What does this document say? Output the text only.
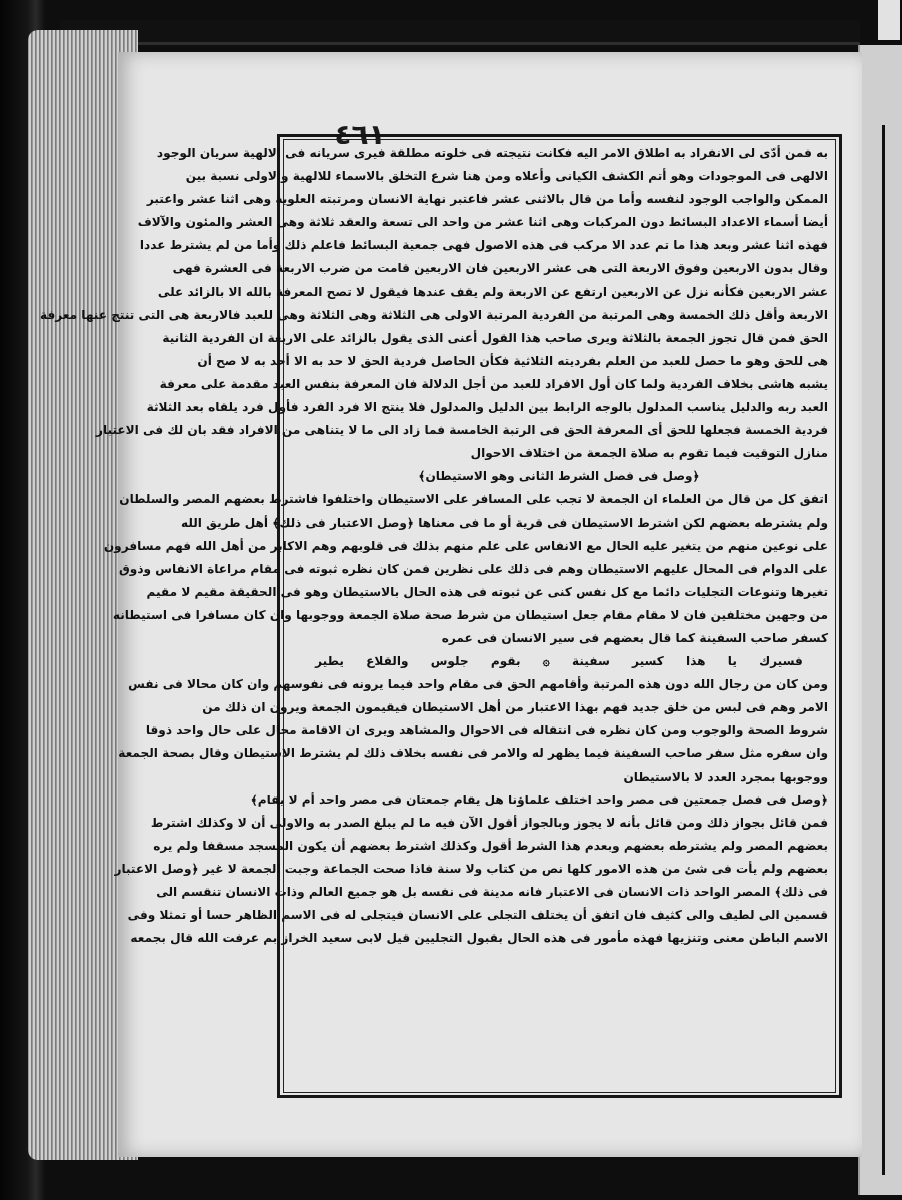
٤٦١
به فمن أدّى لى الانفراد به اطلاق الامر اليه فكانت نتيجته فى خلوته مطلقة فيرى سريانه فى الالهية سريان الوجود
الالهى فى الموجودات وهو أتم الكشف الكيانى وأعلاه ومن هنا شرع التخلق بالاسماء للالهية والاولى نسبة بين
الممكن والواجب الوجود لنفسه وأما من قال بالاثنى عشر فاعتبر نهاية الانسان ومرتبته العلوية وهى اثنا عشر واعتبر
أيضا أسماء الاعداد البسائط دون المركبات وهى اثنا عشر من واحد الى تسعة والعقد ثلاثة وهى العشر والمئون والآلاف
فهذه اثنا عشر وبعد هذا ما تم عدد الا مركب فى هذه الاصول فهى جمعية البسائط فاعلم ذلك وأما من لم يشترط عددا
وقال بدون الاربعين وفوق الاربعة التى هى عشر الاربعين فان الاربعين قامت من ضرب الاربعة فى العشرة فهى
عشر الاربعين فكأنه نزل عن الاربعين ارتفع عن الاربعة ولم يقف عندها فيقول لا تصح المعرفة بالله الا بالزائد على
الاربعة وأقل ذلك الخمسة وهى المرتبة من الفردية المرتبة الاولى هى الثلاثة وهى الثلاثة وهى للعبد فالاربعة هى التى تنتج عنها معرفة
الحق فمن قال تجوز الجمعة بالثلاثة ويرى صاحب هذا القول أعنى الذى يقول بالزائد على الاربعة ان الفردية الثانية
هى للحق وهو ما حصل للعبد من العلم بفرديته الثلاثية فكأن الحاصل فردية الحق لا حد به الا أحد به لا صح أن
يشبه هاشى بخلاف الفردية ولما كان أول الافراد للعبد من أجل الدلالة فان المعرفة بنفس العبد مقدمة على معرفة
العبد ربه والدليل يناسب المدلول بالوجه الرابط بين الدليل والمدلول فلا ينتج الا فرد الفرد فأول فرد يلقاه بعد الثلاثة
فردية الخمسة فجعلها للحق أى المعرفة الحق فى الرتبة الخامسة فما زاد الى ما لا يتناهى من الافراد فقد بان لك فى الاعتبار
منازل التوقيت فيما تقوم به صلاة الجمعة من اختلاف الاحوال
﴿وصل فى فصل الشرط الثانى وهو الاستيطان﴾
اتفق كل من قال من العلماء ان الجمعة لا تجب على المسافر على الاستيطان واختلفوا فاشترط بعضهم المصر والسلطان
ولم يشترطه بعضهم لكن اشترط الاستيطان فى قرية أو ما فى معناها ﴿وصل الاعتبار فى ذلك﴾ أهل طريق الله
على نوعين منهم من يتغير عليه الحال مع الانفاس على علم منهم بذلك فى قلوبهم وهم الاكابر من أهل الله فهم مسافرون
على الدوام فى المحال عليهم الاستيطان وهم فى ذلك على نظرين فمن كان نظره ثبوته فى مقام مراعاة الانفاس وذوق
تغيرها وتنوعات التجليات دائما مع كل نفس كنى عن ثبوته فى هذه الحال بالاستيطان وهو فى الحقيقة مقيم لا مقيم
من وجهين مختلفين فان لا مقام مقام جعل استيطان من شرط صحة صلاة الجمعة ووجوبها وان كان مسافرا فى استيطانه
كسفر صاحب السفينة كما قال بعضهم فى سير الانسان فى عمره
فسيرك يا هذا كسير سفينة ۞ بقوم جلوس والقلاع يطير
ومن كان من رجال الله دون هذه المرتبة وأقامهم الحق فى مقام واحد فيما يرونه فى نفوسهم وان كان محالا فى نفس
الامر وهم فى لبس من خلق جديد فهم بهذا الاعتبار من أهل الاستيطان فيقيمون الجمعة ويرون ان ذلك من
شروط الصحة والوجوب ومن كان نظره فى انتقاله فى الاحوال والمشاهد ويرى ان الاقامة محال على حال واحد ذوقا
وان سفره مثل سفر صاحب السفينة فيما يظهر له والامر فى نفسه بخلاف ذلك لم يشترط الاستيطان وقال بصحة الجمعة
ووجوبها بمجرد العدد لا بالاستيطان
﴿وصل فى فصل جمعتين فى مصر واحد اختلف علماؤنا هل يقام جمعتان فى مصر واحد أم لا يقام﴾
فمن قائل بجواز ذلك ومن قائل بأنه لا يجوز وبالجواز أقول الآن فيه ما لم يبلغ الصدر به والاولى أن لا وكذلك اشترط
بعضهم المصر ولم يشترطه بعضهم وبعدم هذا الشرط أقول وكذلك اشترط بعضهم أن يكون المسجد مسقفا ولم يره
بعضهم ولم يأت فى شئ من هذه الامور كلها نص من كتاب ولا سنة فاذا صحت الجماعة وجبت الجمعة لا غير ﴿وصل الاعتبار
فى ذلك﴾ المصر الواحد ذات الانسان فى الاعتبار فانه مدينة فى نفسه بل هو جميع العالم وذات الانسان تنقسم الى
قسمين الى لطيف والى كثيف فان اتفق أن يختلف التجلى على الانسان فيتجلى له فى الاسم الظاهر حسا أو تمثلا وفى
الاسم الباطن معنى وتنزيها فهذه مأمور فى هذه الحال بقبول التجليين قيل لابى سعيد الخراز بم عرفت الله قال بجمعه
